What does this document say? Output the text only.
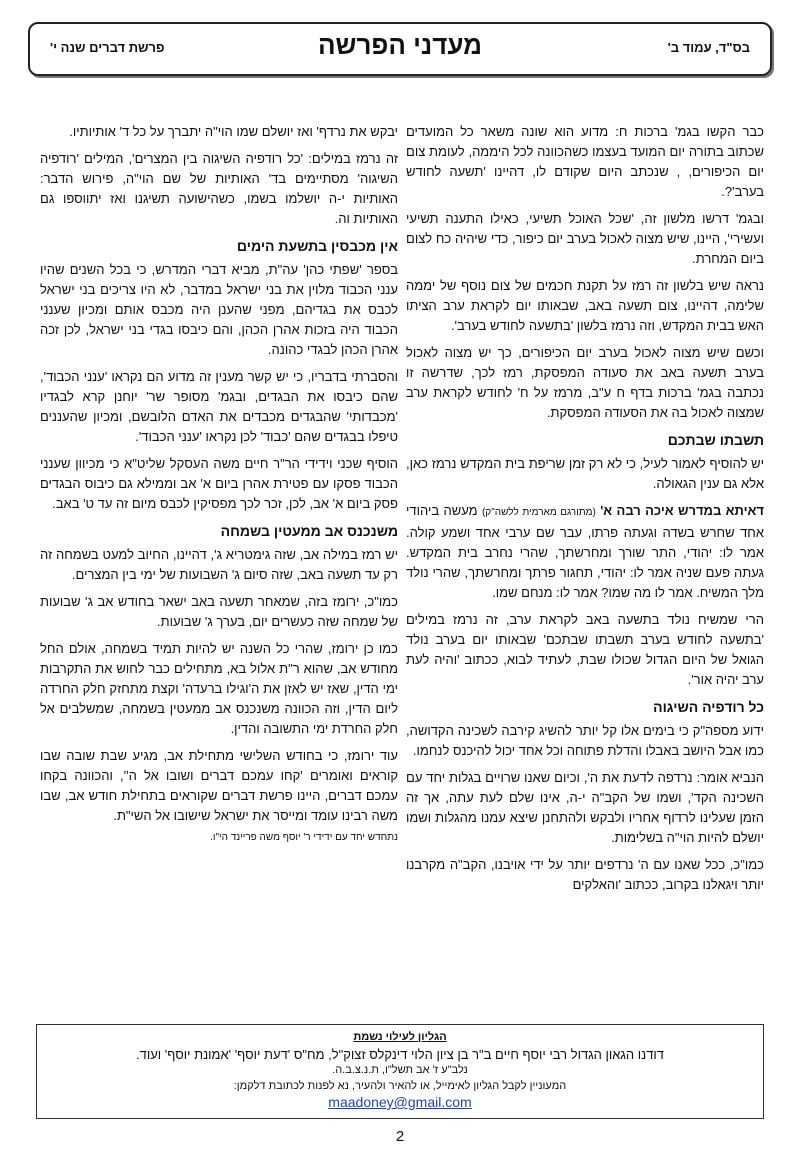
בס"ד, עמוד ב'
מעדני הפרשה
פרשת דברים שנה י'

כבר הקשו בגמ' ברכות ח: מדוע הוא שונה משאר כל המועדים שכתוב בתורה יום המועד בעצמו כשהכוונה לכל היממה, לעומת צום יום הכיפורים, , שנכתב היום שקודם לו, דהיינו 'תשעה לחודש בערב'?.

ובגמ' דרשו מלשון זה, 'שכל האוכל תשיעי, כאילו התענה תשיעי ועשירי', היינו, שיש מצוה לאכול בערב יום כיפור, כדי שיהיה כח לצום ביום המחרת.

נראה שיש בלשון זה רמז על תקנת חכמים של צום נוסף של יממה שלימה, דהיינו, צום תשעה באב, שבאותו יום לקראת ערב הציתו האש בבית המקדש, וזה נרמז בלשון 'בתשעה לחודש בערב'.

וכשם שיש מצוה לאכול בערב יום הכיפורים, כך יש מצוה לאכול בערב תשעה באב את סעודה המפסקת, רמז לכך, שדרשה זו נכתבה בגמ' ברכות בדף ח ע"ב, מרמז על ח' לחודש לקראת ערב שמצוה לאכול בה את הסעודה המפסקת.

תשבתו שבתכם

יש להוסיף לאמור לעיל, כי לא רק זמן שריפת בית המקדש נרמז כאן, אלא גם ענין הגאולה.

דאיתא במדרש איכה רבה א' (מתורגם מארמית ללשה"ק) מעשה ביהודי אחד שחרש בשדה וגעתה פרתו, עבר שם ערבי אחד ושמע קולה. אמר לו: יהודי, התר שורך ומחרשתך, שהרי נחרב בית המקדש. געתה פעם שניה אמר לו: יהודי, תחגור פרתך ומחרשתך, שהרי נולד מלך המשיח. אמר לו מה שמו? אמר לו: מנחם שמו.

הרי שמשיח נולד בתשעה באב לקראת ערב, זה נרמז במילים 'בתשעה לחודש בערב תשבתו שבתכם' שבאותו יום בערב נולד הגואל של היום הגדול שכולו שבת, לעתיד לבוא, ככתוב 'והיה לעת ערב יהיה אור'.

כל רודפיה השיגוה

ידוע מספה"ק כי בימים אלו קל יותר להשיג קירבה לשכינה הקדושה, כמו אבל היושב באבלו והדלת פתוחה וכל אחד יכול להיכנס לנחמו.

הנביא אומר: נרדפה לדעת את ה', וכיום שאנו שרויים בגלות יחד עם השכינה הקד', ושמו של הקב"ה י-ה, אינו שלם לעת עתה, אך זה הזמן שעלינו לרדוף אחריו ולבקש ולהתחנן שיצא עמנו מהגלות ושמו יושלם להיות הוי"ה בשלימות.

כמו"כ, ככל שאנו עם ה' נרדפים יותר על ידי אויבנו, הקב"ה מקרבנו יותר ויגאלנו בקרוב, ככתוב 'והאלקים

יבקש את נרדף' ואז יושלם שמו הוי"ה יתברך על כל ד' אותיותיו.

זה נרמז במילים: 'כל רודפיה השיגוה בין המצרים', המילים 'רודפיה השיגוה' מסתיימים בד' האותיות של שם הוי"ה, פירוש הדבר: האותיות י-ה יושלמו בשמו, כשהישועה תשיגנו ואז יתווספו גם האותיות וה.

אין מכבסין בתשעת הימים

בספר 'שפתי כהן' עה"ת, מביא דברי המדרש, כי בכל השנים שהיו ענני הכבוד מלוין את בני ישראל במדבר, לא היו צריכים בני ישראל לכבס את בגדיהם, מפני שהענן היה מכבס אותם ומכיון שענני הכבוד היה בזכות אהרן הכהן, והם כיבסו בגדי בני ישראל, לכן זכה אהרן הכהן לבגדי כהונה.

והסברתי בדבריו, כי יש קשר מענין זה מדוע הם נקראו 'ענני הכבוד', שהם כיבסו את הבגדים, ובגמ' מסופר שר' יוחנן קרא לבגדיו 'מכבדותי' שהבגדים מכבדים את האדם הלובשם, ומכיון שהעננים טיפלו בבגדים שהם 'כבוד' לכן נקראו 'ענני הכבוד'.

הוסיף שכני וידידי הר"ר חיים משה העסקל שליט"א כי מכיוון שענני הכבוד פסקו עם פטירת אהרן ביום א' אב וממילא גם כיבוס הבגדים פסק ביום א' אב, לכן, זכר לכך מפסיקין לכבס מיום זה עד ט' באב.

משנכנס אב ממעטין בשמחה

יש רמז במילה אב, שזה גימטריא ג', דהיינו, החיוב למעט בשמחה זה רק עד תשעה באב, שזה סיום ג' השבועות של ימי בין המצרים.

כמו"כ, ירומז בזה, שמאחר תשעה באב ישאר בחודש אב ג' שבועות של שמחה שזה כעשרים יום, בערך ג' שבועות.

כמו כן ירומז, שהרי כל השנה יש להיות תמיד בשמחה, אולם החל מחודש אב, שהוא ר"ת אלול בא, מתחילים כבר לחוש את התקרבות ימי הדין, שאז יש לאזן את ה'וגילו ברעדה' וקצת מתחזק חלק החרדה ליום הדין, וזה הכוונה משנכנס אב ממעטין בשמחה, שמשלבים אל חלק החרדת ימי התשובה והדין.

עוד ירומז, כי בחודש השלישי מתחילת אב, מגיע שבת שובה שבו קוראים ואומרים 'קחו עמכם דברים ושובו אל ה'', והכוונה בקחו עמכם דברים, היינו פרשת דברים שקוראים בתחילת חודש אב, שבו משה רבינו עומד ומייסר את ישראל שישובו אל השי"ת.

נתחדש יחד עם ידידי ר' יוסף משה פריינד הי"ו.

הגליון לעילוי נשמת
דודנו הגאון הגדול רבי יוסף חיים ב"ר בן ציון הלוי דינקלס זצוק"ל, מח"ס 'דעת יוסף' 'אמונת יוסף' ועוד.
נלב"ע ז' אב תשל"ו, ת.נ.צ.ב.ה.
המעוניין לקבל הגליון לאימייל, או להאיר ולהעיר, נא לפנות לכתובת דלקמן:
maadoney@gmail.com
2
